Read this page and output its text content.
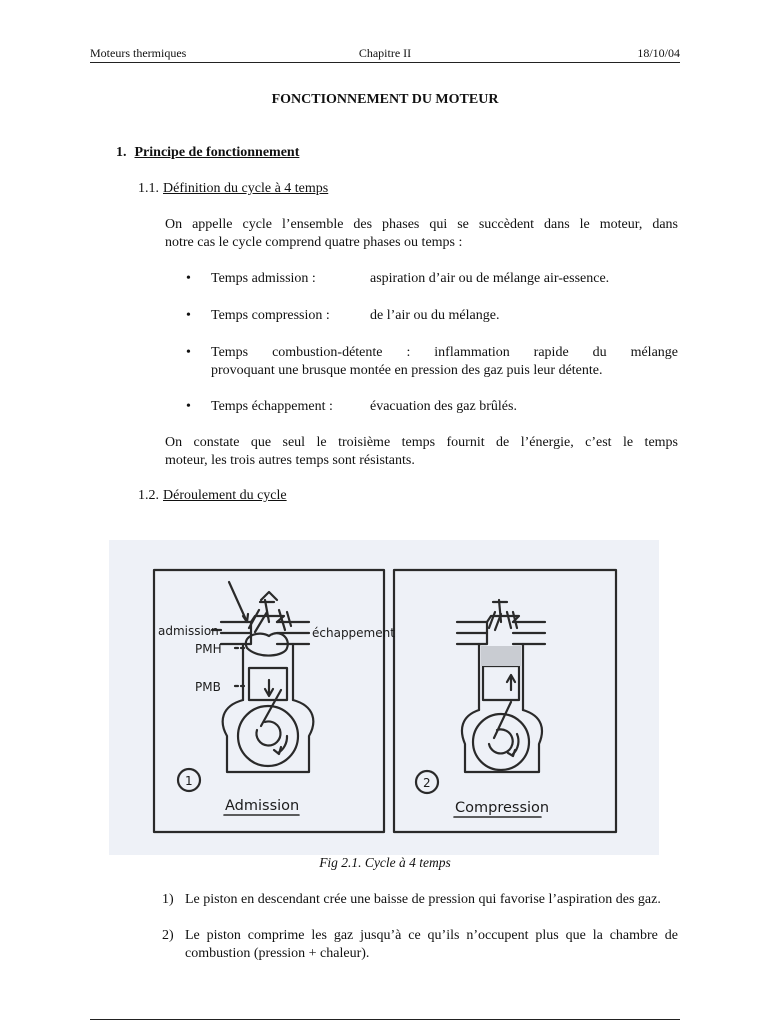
Moteurs thermiques	Chapitre II	18/10/04
FONCTIONNEMENT DU MOTEUR
1. Principe de fonctionnement
1.1. Définition du cycle à 4 temps
On appelle cycle l’ensemble des phases qui se succèdent dans le moteur, dans
notre cas le cycle comprend quatre phases ou temps :
• Temps admission :	aspiration d’air ou de mélange air-essence.
• Temps compression :	de l’air ou du mélange.
• Temps combustion-détente : inflammation rapide du mélange
provoquant une brusque montée en pression des gaz puis leur détente.
• Temps échappement :	évacuation des gaz brûlés.
On constate que seul le troisième temps fournit de l’énergie, c’est le temps
moteur, les trois autres temps sont résistants.
1.2. Déroulement du cycle
admission	échappement
PMH
PMB
1	2
Admission	Compression
Fig 2.1. Cycle à 4 temps
1) Le piston en descendant crée une baisse de pression qui favorise l’aspiration des gaz.
2) Le piston comprime les gaz jusqu’à ce qu’ils n’occupent plus que la chambre de combustion (pression + chaleur).
